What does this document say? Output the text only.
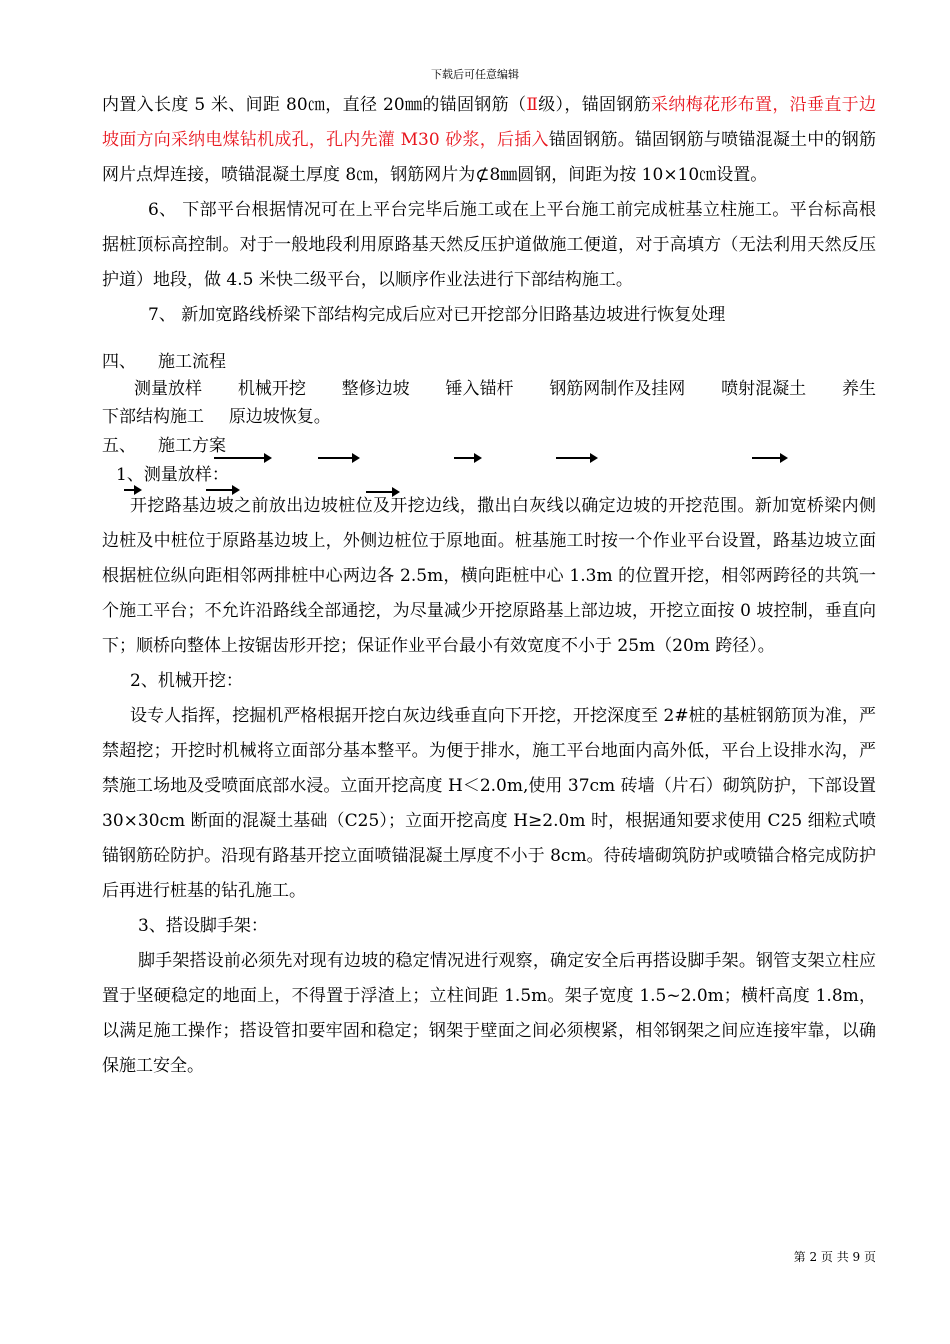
下载后可任意编辑

内置入长度 5 米、间距 80㎝，直径 20㎜的锚固钢筋（Ⅱ级），锚固钢筋采纳梅花形布置，沿垂直于边坡面方向采纳电煤钻机成孔，孔内先灌 M30 砂浆，后插入锚固钢筋。锚固钢筋与喷锚混凝土中的钢筋网片点焊连接，喷锚混凝土厚度 8㎝，钢筋网片为⊄8㎜圆钢，间距为按 10×10㎝设置。

6、 下部平台根据情况可在上平台完毕后施工或在上平台施工前完成桩基立柱施工。平台标高根据桩顶标高控制。对于一般地段利用原路基天然反压护道做施工便道，对于高填方（无法利用天然反压护道）地段，做 4.5 米快二级平台，以顺序作业法进行下部结构施工。

7、 新加宽路线桥梁下部结构完成后应对已开挖部分旧路基边坡进行恢复处理

四、 施工流程

测量放样 机械开挖 整修边坡 锤入锚杆 钢筋网制作及挂网 喷射混凝土 养生
下部结构施工 原边坡恢复。

五、 施工方案

1、测量放样：

开挖路基边坡之前放出边坡桩位及开挖边线，撒出白灰线以确定边坡的开挖范围。新加宽桥梁内侧边桩及中桩位于原路基边坡上，外侧边桩位于原地面。桩基施工时按一个作业平台设置，路基边坡立面根据桩位纵向距相邻两排桩中心两边各 2.5m，横向距桩中心 1.3m 的位置开挖，相邻两跨径的共筑一个施工平台；不允许沿路线全部通挖，为尽量减少开挖原路基上部边坡，开挖立面按 0 坡控制，垂直向下；顺桥向整体上按锯齿形开挖；保证作业平台最小有效宽度不小于 25m（20m 跨径）。

2、机械开挖：

设专人指挥，挖掘机严格根据开挖白灰边线垂直向下开挖，开挖深度至 2#桩的基桩钢筋顶为准，严禁超挖；开挖时机械将立面部分基本整平。为便于排水，施工平台地面内高外低，平台上设排水沟，严禁施工场地及受喷面底部水浸。立面开挖高度 H＜2.0m,使用 37cm 砖墙（片石）砌筑防护，下部设置 30×30cm 断面的混凝土基础（C25）；立面开挖高度 H≥2.0m 时，根据通知要求使用 C25 细粒式喷锚钢筋砼防护。沿现有路基开挖立面喷锚混凝土厚度不小于 8cm。待砖墙砌筑防护或喷锚合格完成防护后再进行桩基的钻孔施工。

3、搭设脚手架：

脚手架搭设前必须先对现有边坡的稳定情况进行观察，确定安全后再搭设脚手架。钢管支架立柱应置于坚硬稳定的地面上，不得置于浮渣上；立柱间距 1.5m。架子宽度 1.5~2.0m；横杆高度 1.8m，以满足施工操作；搭设管扣要牢固和稳定；钢架于壁面之间必须楔紧，相邻钢架之间应连接牢靠，以确保施工安全。

第 2 页 共 9 页
